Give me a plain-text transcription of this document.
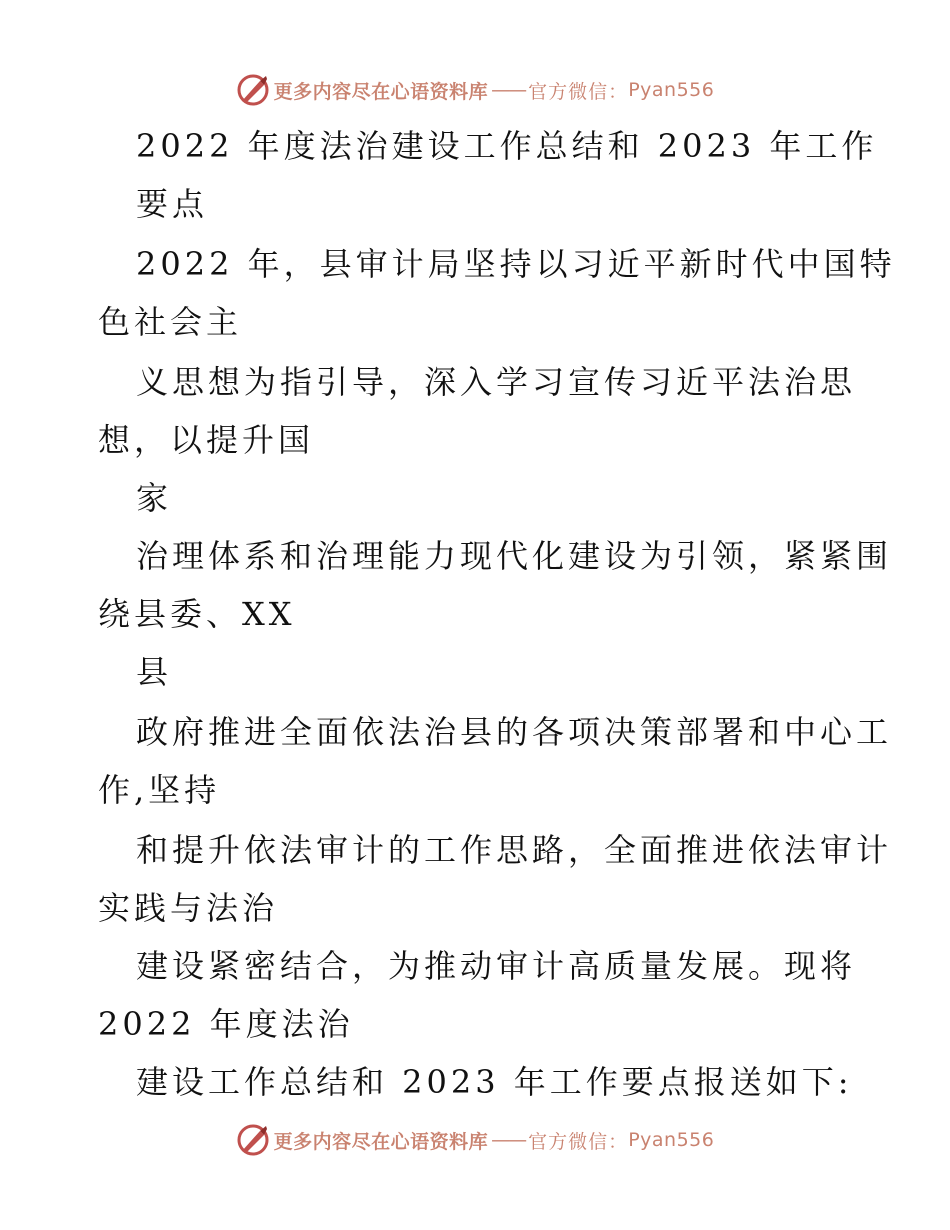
更多内容尽在心语资料库 —— 官方微信： Pyan556
2022 年度法治建设工作总结和 2023 年工作
要点
2022 年，县审计局坚持以习近平新时代中国特
色社会主
义思想为指引导，深入学习宣传习近平法治思
想，以提升国
家
治理体系和治理能力现代化建设为引领，紧紧围
绕县委、XX
县
政府推进全面依法治县的各项决策部署和中心工
作,坚持
和提升依法审计的工作思路，全面推进依法审计
实践与法治
建设紧密结合，为推动审计高质量发展。现将
2022 年度法治
建设工作总结和 2023 年工作要点报送如下:
更多内容尽在心语资料库 —— 官方微信： Pyan556
